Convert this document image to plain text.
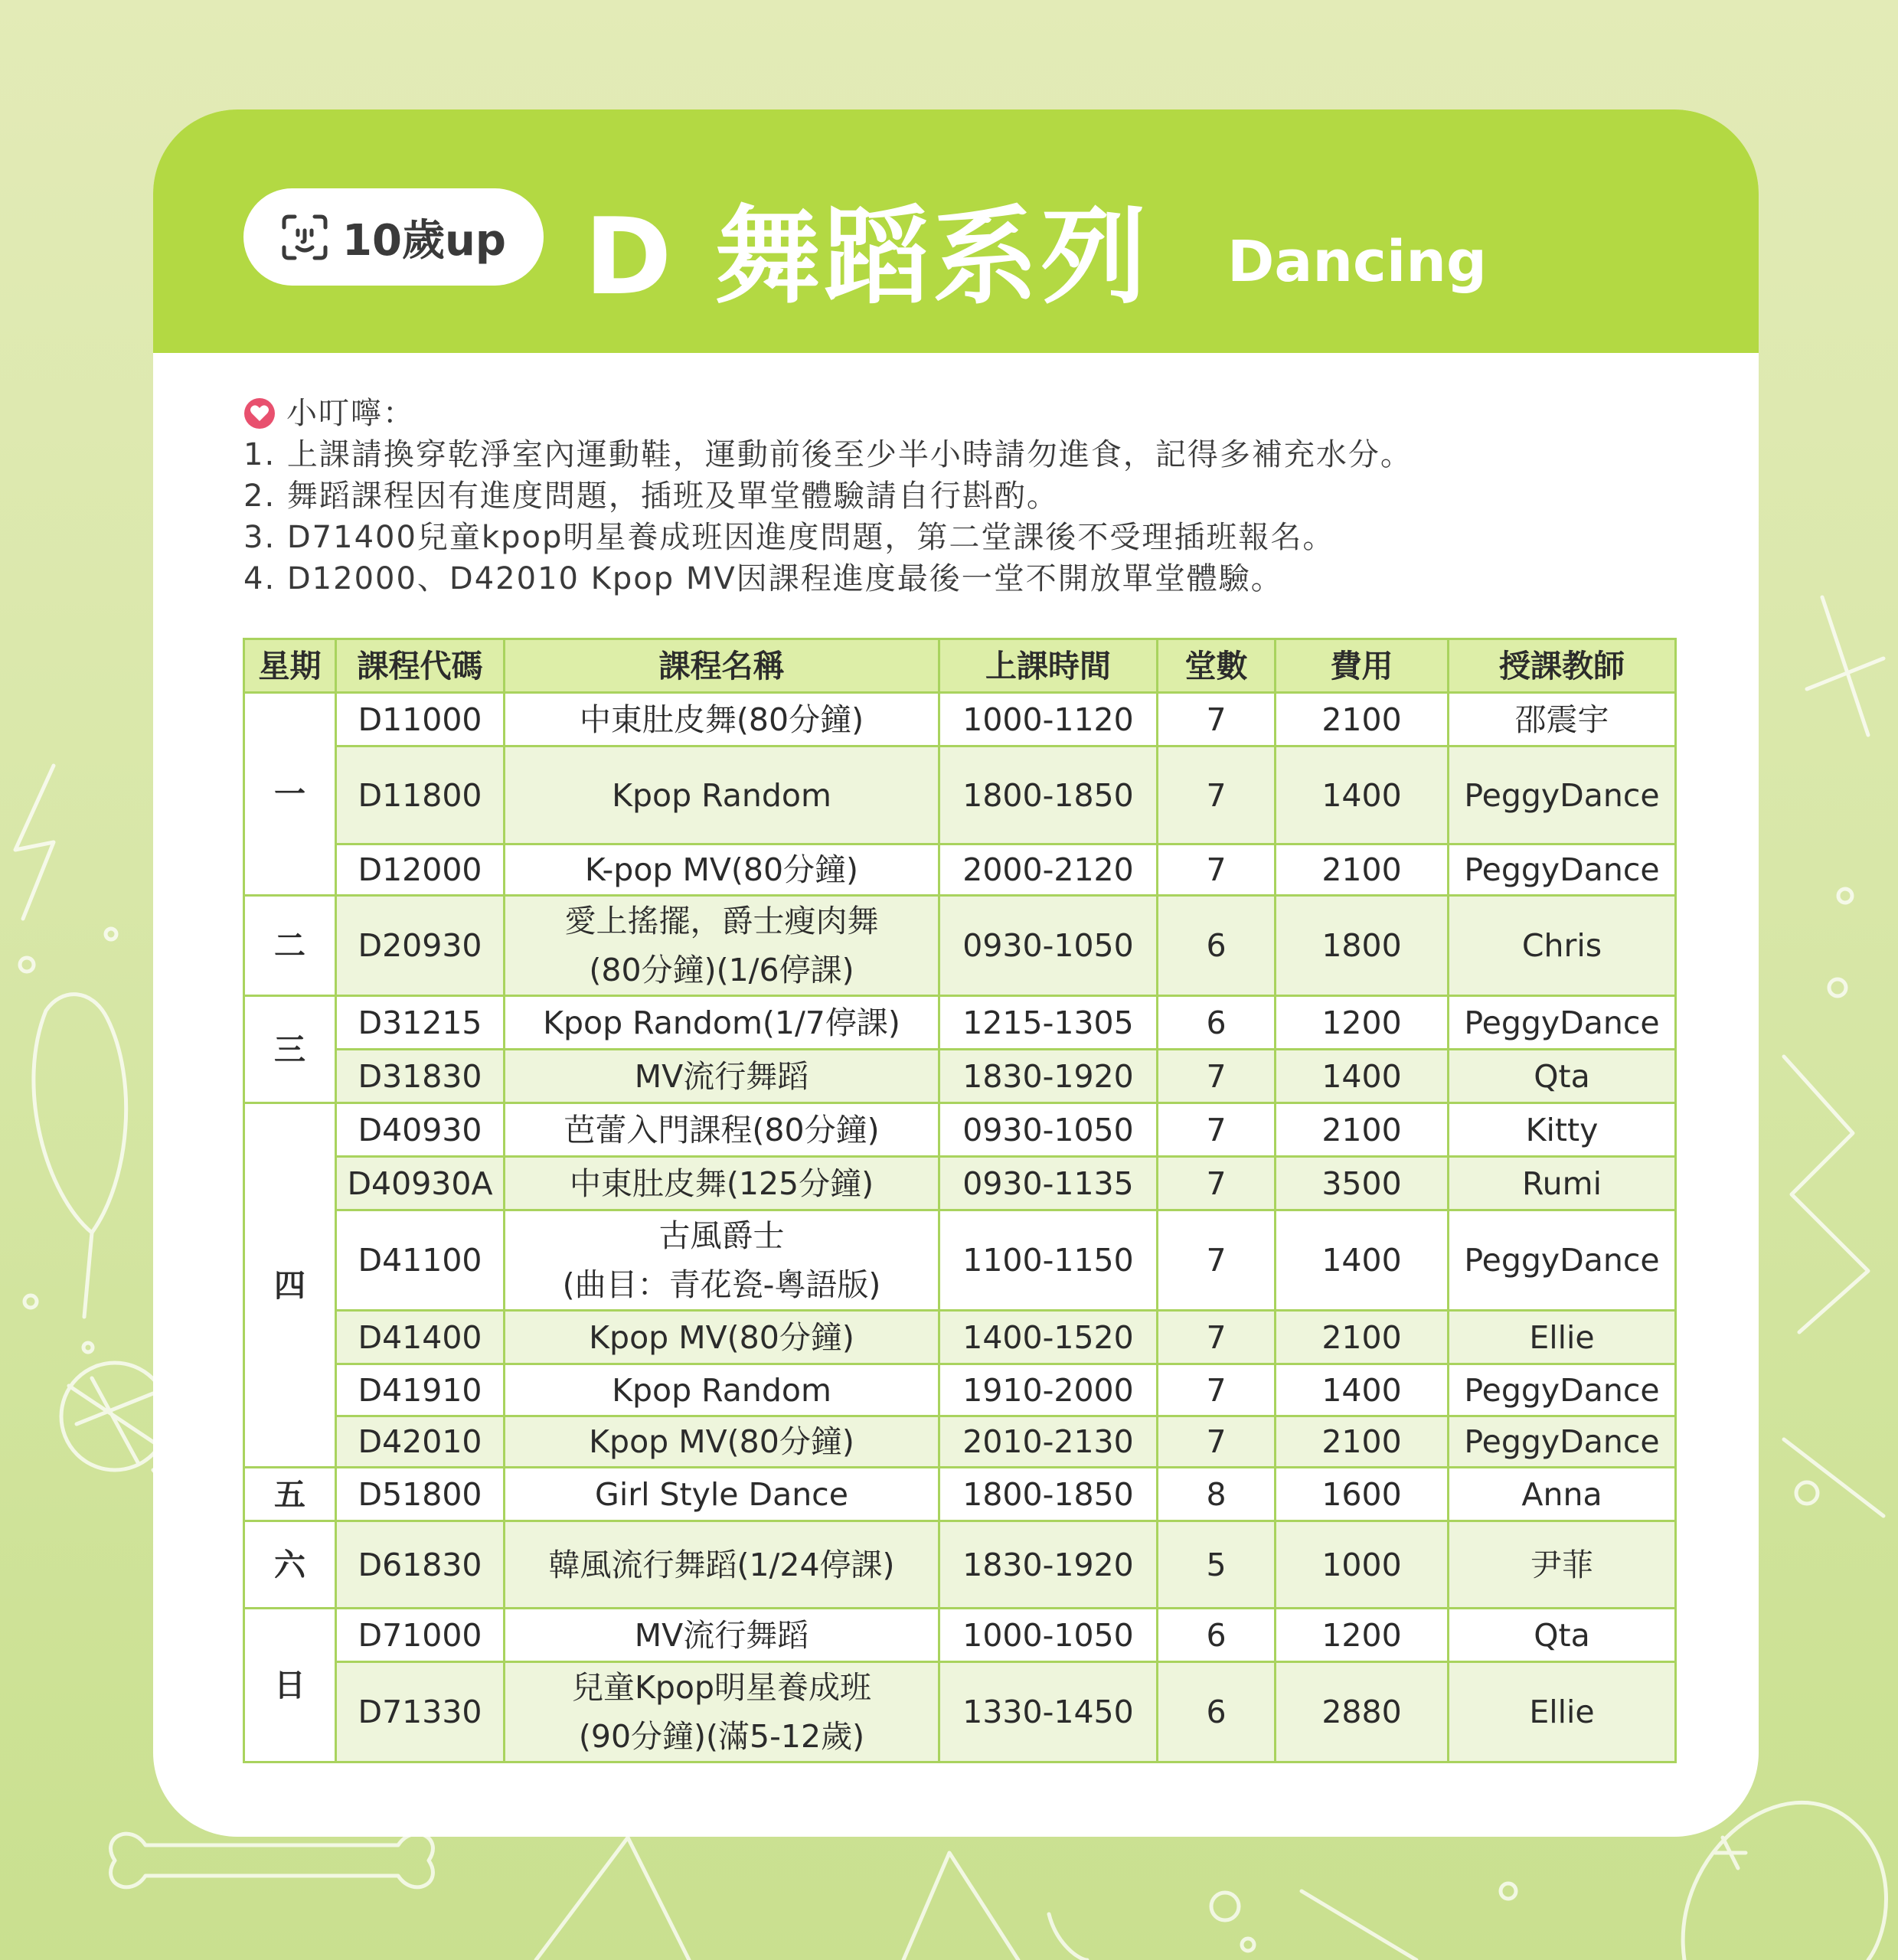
10歲up D 舞蹈系列 Dancing
小叮嚀：
1. 上課請換穿乾淨室內運動鞋，運動前後至少半小時請勿進食，記得多補充水分。
2. 舞蹈課程因有進度問題，插班及單堂體驗請自行斟酌。
3. D71400兒童kpop明星養成班因進度問題，第二堂課後不受理插班報名。
4. D12000、D42010 Kpop MV因課程進度最後一堂不開放單堂體驗。
星期	課程代碼	課程名稱	上課時間	堂數	費用	授課教師
一	D11000	中東肚皮舞(80分鐘)	1000-1120	7	2100	邵震宇
	D11800	Kpop Random	1800-1850	7	1400	PeggyDance
	D12000	K-pop MV(80分鐘)	2000-2120	7	2100	PeggyDance
二	D20930	愛上搖擺，爵士瘦肉舞
(80分鐘)(1/6停課)	0930-1050	6	1800	Chris
三	D31215	Kpop Random(1/7停課)	1215-1305	6	1200	PeggyDance
	D31830	MV流行舞蹈	1830-1920	7	1400	Qta
四	D40930	芭蕾入門課程(80分鐘)	0930-1050	7	2100	Kitty
	D40930A	中東肚皮舞(125分鐘)	0930-1135	7	3500	Rumi
	D41100	古風爵士
(曲目：青花瓷-粵語版)	1100-1150	7	1400	PeggyDance
	D41400	Kpop MV(80分鐘)	1400-1520	7	2100	Ellie
	D41910	Kpop Random	1910-2000	7	1400	PeggyDance
	D42010	Kpop MV(80分鐘)	2010-2130	7	2100	PeggyDance
五	D51800	Girl Style Dance	1800-1850	8	1600	Anna
六	D61830	韓風流行舞蹈(1/24停課)	1830-1920	5	1000	尹菲
日	D71000	MV流行舞蹈	1000-1050	6	1200	Qta
	D71330	兒童Kpop明星養成班
(90分鐘)(滿5-12歲)	1330-1450	6	2880	Ellie
